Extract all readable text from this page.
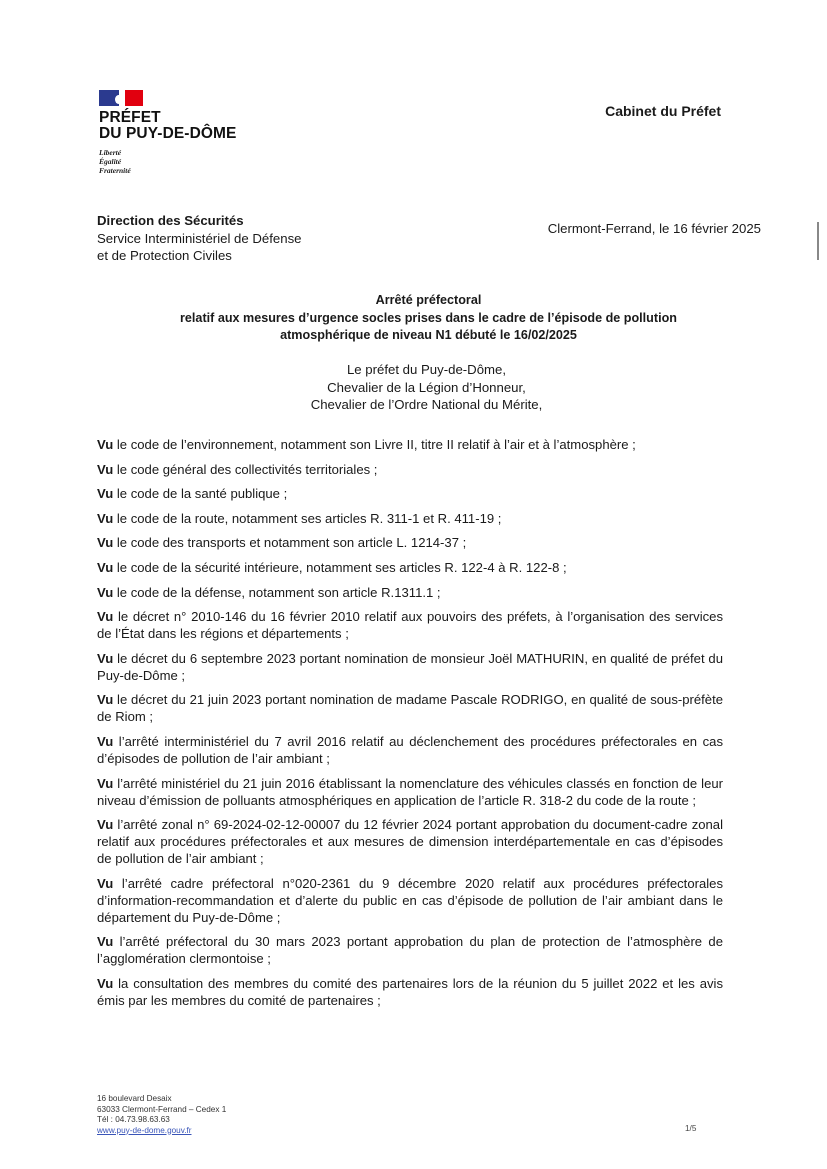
PRÉFET
DU PUY-DE-DÔME
Liberté
Égalité
Fraternité
Cabinet du Préfet
Direction des Sécurités
Service Interministériel de Défense
et de Protection Civiles
Clermont-Ferrand, le 16 février 2025
Arrêté préfectoral
relatif aux mesures d’urgence socles prises dans le cadre de l’épisode de pollution
atmosphérique de niveau N1 débuté le 16/02/2025
Le préfet du Puy-de-Dôme,
Chevalier de la Légion d’Honneur,
Chevalier de l’Ordre National du Mérite,

Vu le code de l’environnement, notamment son Livre II, titre II relatif à l’air et à l’atmosphère ;

Vu le code général des collectivités territoriales ;

Vu le code de la santé publique ;

Vu le code de la route, notamment ses articles R. 311-1 et R. 411-19 ;

Vu le code des transports et notamment son article L. 1214-37 ;

Vu le code de la sécurité intérieure, notamment ses articles R. 122-4 à R. 122-8 ;

Vu le code de la défense, notamment son article R.1311.1 ;

Vu le décret n° 2010-146 du 16 février 2010 relatif aux pouvoirs des préfets, à l’organisation des services de l’État dans les régions et départements ;

Vu le décret du 6 septembre 2023 portant nomination de monsieur Joël MATHURIN, en qualité de préfet du Puy-de-Dôme ;

Vu le décret du 21 juin 2023 portant nomination de madame Pascale RODRIGO, en qualité de sous-préfète de Riom ;

Vu l’arrêté interministériel du 7 avril 2016 relatif au déclenchement des procédures préfectorales en cas d’épisodes de pollution de l’air ambiant ;

Vu l’arrêté ministériel du 21 juin 2016 établissant la nomenclature des véhicules classés en fonction de leur niveau d’émission de polluants atmosphériques en application de l’article R. 318-2 du code de la route ;

Vu l’arrêté zonal n° 69-2024-02-12-00007 du 12 février 2024 portant approbation du document-cadre zonal relatif aux procédures préfectorales et aux mesures de dimension interdépartementale en cas d’épisodes de pollution de l’air ambiant ;

Vu l’arrêté cadre préfectoral n°020-2361 du 9 décembre 2020 relatif aux procédures préfectorales d’information-recommandation et d’alerte du public en cas d’épisode de pollution de l’air ambiant dans le département du Puy-de-Dôme ;

Vu l’arrêté préfectoral du 30 mars 2023 portant approbation du plan de protection de l’atmosphère de l’agglomération clermontoise ;

Vu la consultation des membres du comité des partenaires lors de la réunion du 5 juillet 2022 et les avis émis par les membres du comité de partenaires ;

16 boulevard Desaix
63033 Clermont-Ferrand – Cedex 1
Tél : 04.73.98.63.63
www.puy-de-dome.gouv.fr	1/5
